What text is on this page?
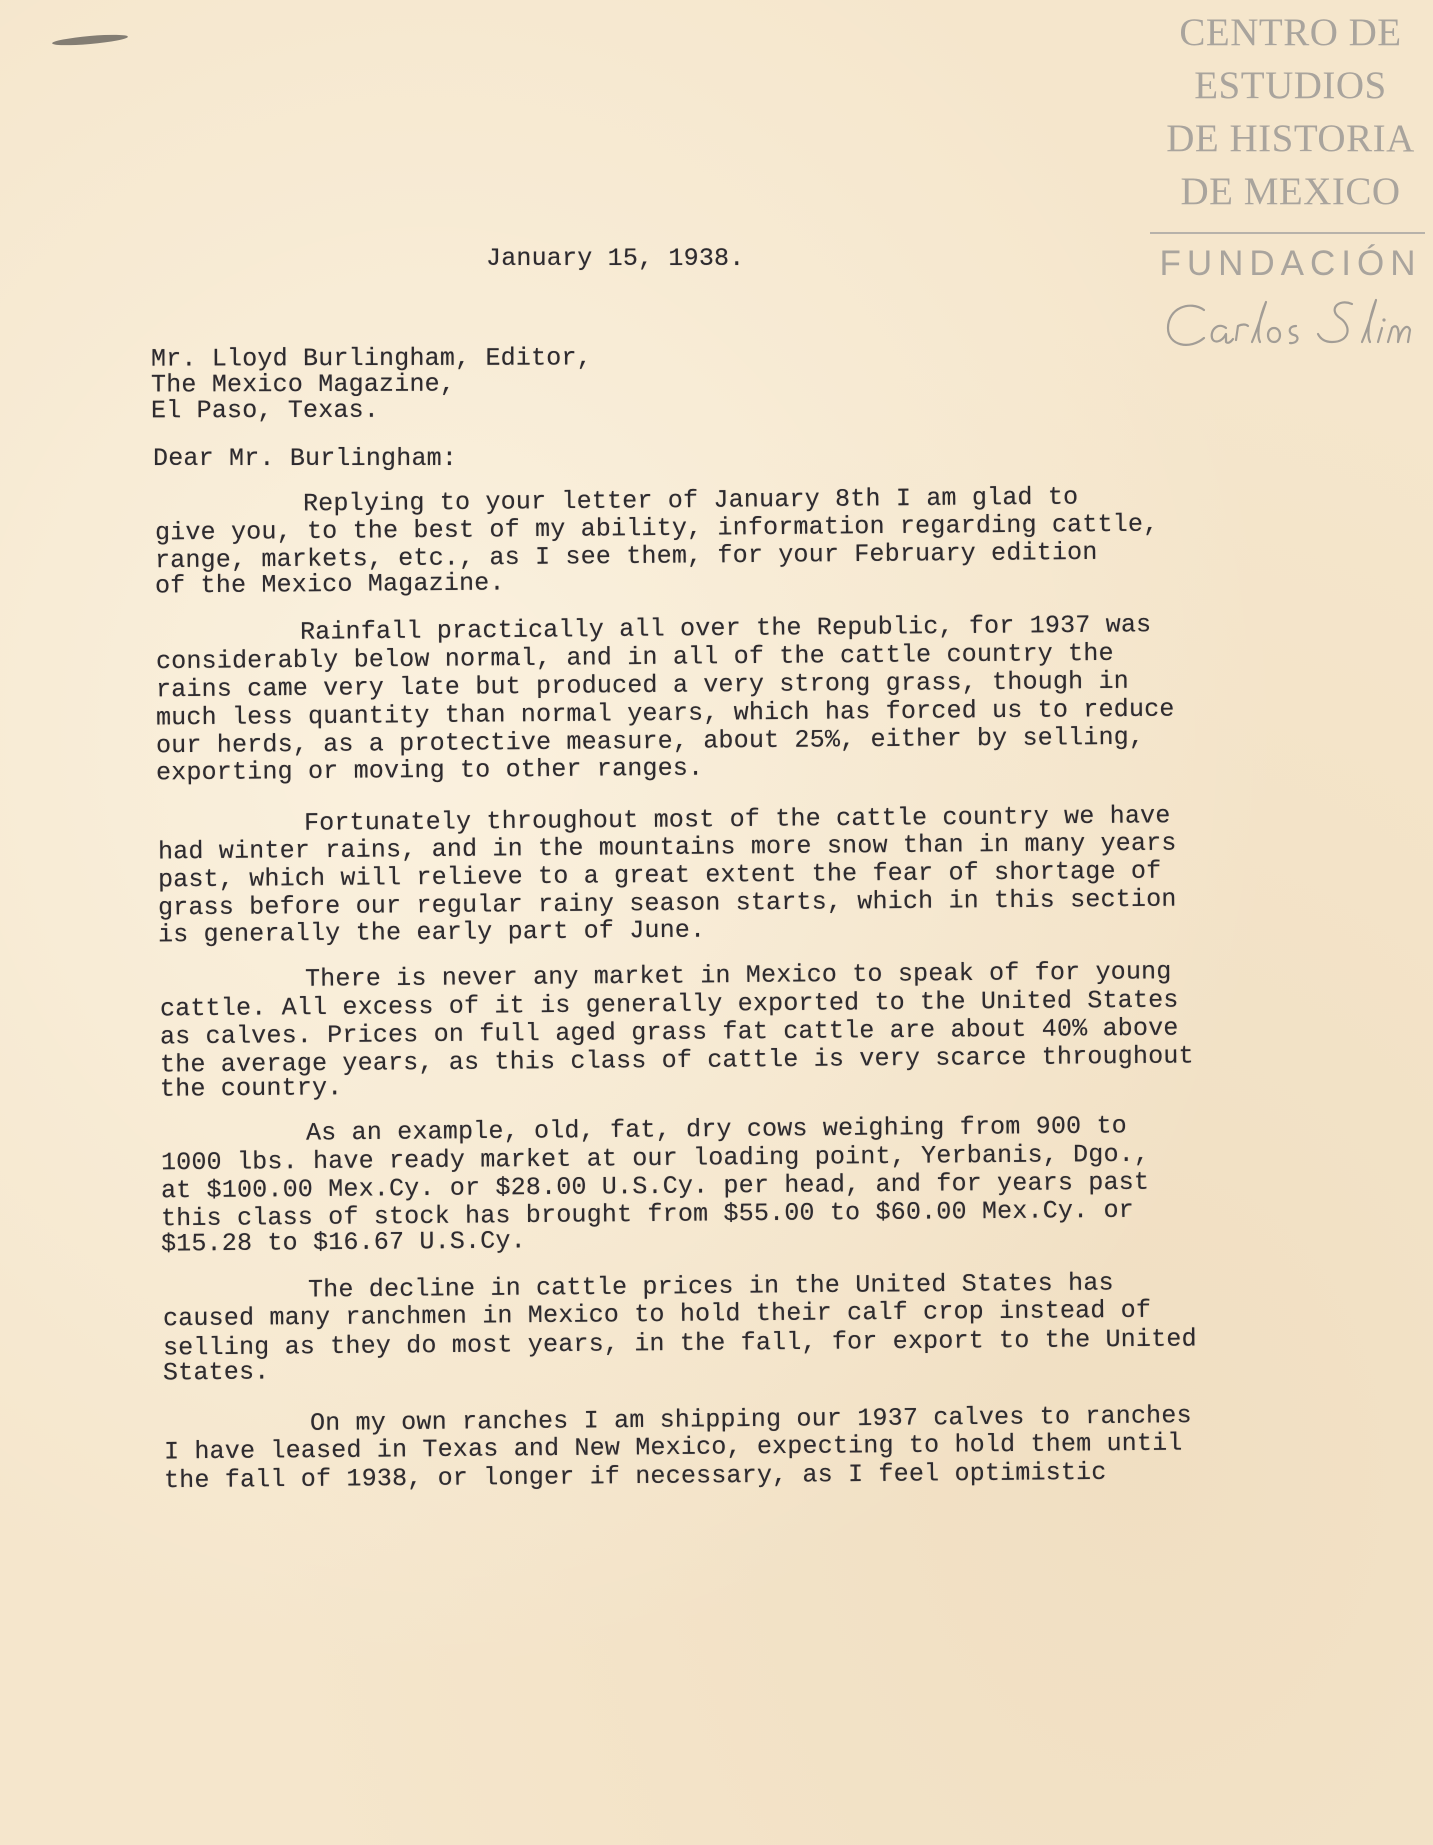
CENTRO DE
ESTUDIOS
DE HISTORIA
DE MEXICO
FUNDACIÓN
January 15, 1938.
Mr. Lloyd Burlingham, Editor,
The Mexico Magazine,
El Paso, Texas.
Dear Mr. Burlingham:
Replying to your letter of January 8th I am glad to
give you, to the best of my ability, information regarding cattle,
range, markets, etc., as I see them, for your February edition
of the Mexico Magazine.
Rainfall practically all over the Republic, for 1937 was
considerably below normal, and in all of the cattle country the
rains came very late but produced a very strong grass, though in
much less quantity than normal years, which has forced us to reduce
our herds, as a protective measure, about 25%, either by selling,
exporting or moving to other ranges.
Fortunately throughout most of the cattle country we have
had winter rains, and in the mountains more snow than in many years
past, which will relieve to a great extent the fear of shortage of
grass before our regular rainy season starts, which in this section
is generally the early part of June.
There is never any market in Mexico to speak of for young
cattle. All excess of it is generally exported to the United States
as calves. Prices on full aged grass fat cattle are about 40% above
the average years, as this class of cattle is very scarce throughout
the country.
As an example, old, fat, dry cows weighing from 900 to
1000 lbs. have ready market at our loading point, Yerbanis, Dgo.,
at $100.00 Mex.Cy. or $28.00 U.S.Cy. per head, and for years past
this class of stock has brought from $55.00 to $60.00 Mex.Cy. or
$15.28 to $16.67 U.S.Cy.
The decline in cattle prices in the United States has
caused many ranchmen in Mexico to hold their calf crop instead of
selling as they do most years, in the fall, for export to the United
States.
On my own ranches I am shipping our 1937 calves to ranches
I have leased in Texas and New Mexico, expecting to hold them until
the fall of 1938, or longer if necessary, as I feel optimistic
